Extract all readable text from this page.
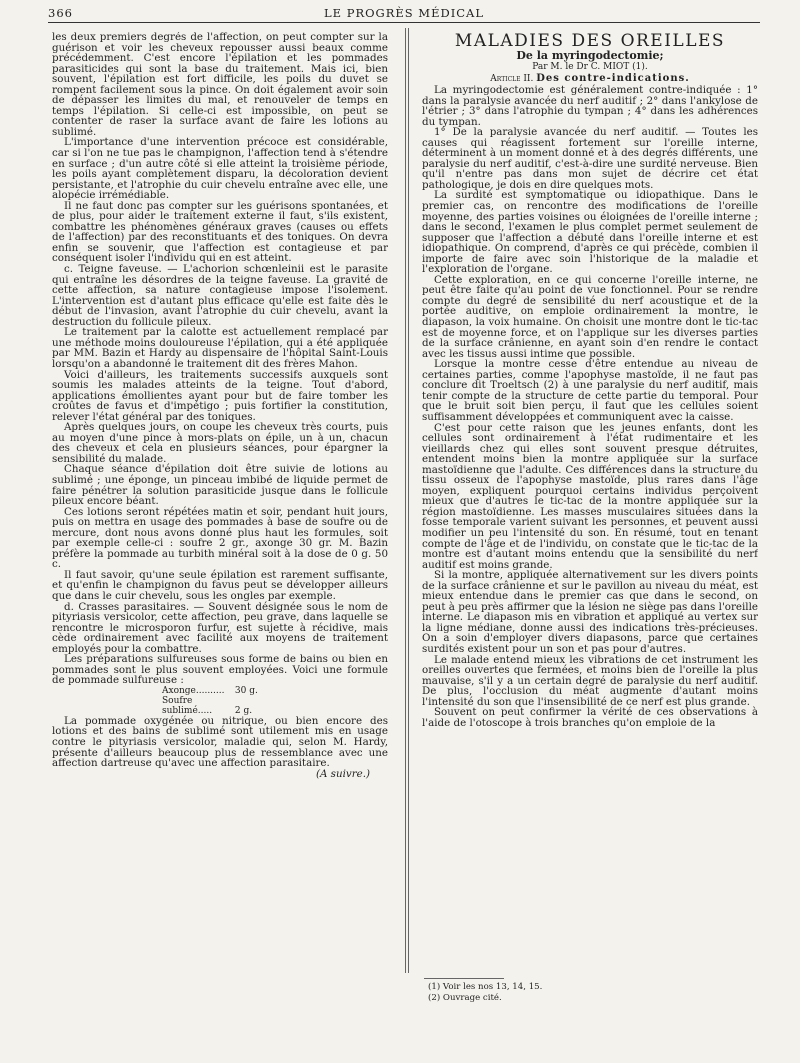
366	LE PROGRÈS MÉDICAL

les deux premiers degrés de l'affection, on peut compter sur la guérison et voir les cheveux repousser aussi beaux comme précédemment. C'est encore l'épilation et les pommades parasiticides qui sont la base du traitement. Mais ici, bien souvent, l'épilation est fort difficile, les poils du duvet se rompent facilement sous la pince. On doit également avoir soin de dépasser les limites du mal, et renouveler de temps en temps l'épilation. Si celle-ci est impossible, on peut se contenter de raser la surface avant de faire les lotions au sublimé.

L'importance d'une intervention précoce est considérable, car si l'on ne tue pas le champignon, l'affection tend à s'étendre en surface ; d'un autre côté si elle atteint la troisième période, les poils ayant complètement disparu, la décoloration devient persistante, et l'atrophie du cuir chevelu entraîne avec elle, une alopécie irrémédiable.

Il ne faut donc pas compter sur les guérisons spontanées, et de plus, pour aider le traitement externe il faut, s'ils existent, combattre les phénomènes généraux graves (causes ou effets de l'affection) par des reconstituants et des toniques. On devra enfin se souvenir, que l'affection est contagieuse et par conséquent isoler l'individu qui en est atteint.

c. Teigne faveuse. — L'achorion schœnleinii est le parasite qui entraîne les désordres de la teigne faveuse. La gravité de cette affection, sa nature contagieuse impose l'isolement. L'intervention est d'autant plus efficace qu'elle est faite dès le début de l'invasion, avant l'atrophie du cuir chevelu, avant la destruction du follicule pileux.

Le traitement par la calotte est actuellement remplacé par une méthode moins douloureuse l'épilation, qui a été appliquée par MM. Bazin et Hardy au dispensaire de l'hôpital Saint-Louis lorsqu'on a abandonné le traitement dit des frères Mahon.

Voici d'ailleurs, les traitements successifs auxquels sont soumis les malades atteints de la teigne. Tout d'abord, applications émollientes ayant pour but de faire tomber les croûtes de favus et d'impétigo ; puis fortifier la constitution, relever l'état général par des toniques.

Après quelques jours, on coupe les cheveux très courts, puis au moyen d'une pince à mors-plats on épile, un à un, chacun des cheveux et cela en plusieurs séances, pour épargner la sensibilité du malade.

Chaque séance d'épilation doit être suivie de lotions au sublimé ; une éponge, un pinceau imbibé de liquide permet de faire pénétrer la solution parasiticide jusque dans le follicule pileux encore béant.

Ces lotions seront répétées matin et soir, pendant huit jours, puis on mettra en usage des pommades à base de soufre ou de mercure, dont nous avons donné plus haut les formules, soit par exemple celle-ci : soufre 2 gr., axonge 30 gr. M. Bazin préfère la pommade au turbith minéral soit à la dose de 0 g. 50 c.

Il faut savoir, qu'une seule épilation est rarement suffisante, et qu'enfin le champignon du favus peut se développer ailleurs que dans le cuir chevelu, sous les ongles par exemple.

d. Crasses parasitaires. — Souvent désignée sous le nom de pityriasis versicolor, cette affection, peu grave, dans laquelle se rencontre le microsporon furfur, est sujette à récidive, mais cède ordinairement avec facilité aux moyens de traitement employés pour la combattre.

Les préparations sulfureuses sous forme de bains ou bien en pommades sont le plus souvent employées. Voici une formule de pommade sulfureuse :

Axonge.......... 30 g.

Soufre sublimé.....	2 g.

La pommade oxygénée ou nitrique, ou bien encore des lotions et des bains de sublimé sont utilement mis en usage contre le pityriasis versicolor, maladie qui, selon M. Hardy, présente d'ailleurs beaucoup plus de ressemblance avec une affection dartreuse qu'avec une affection parasitaire.

(A suivre.)

MALADIES DES OREILLES

De la myringodectomie;

Par M. le Dr C. MIOT (1).

Article II. Des contre-indications.

La myringodectomie est généralement contre-indiquée : 1° dans la paralysie avancée du nerf auditif ; 2° dans l'ankylose de l'étrier ; 3° dans l'atrophie du tympan ; 4° dans les adhérences du tympan.

1° De la paralysie avancée du nerf auditif. — Toutes les causes qui réagissent fortement sur l'oreille interne, déterminent à un moment donné et à des degrés différents, une paralysie du nerf auditif, c'est-à-dire une surdité nerveuse. Bien qu'il n'entre pas dans mon sujet de décrire cet état pathologique, je dois en dire quelques mots.

La surdité est symptomatique ou idiopathique. Dans le premier cas, on rencontre des modifications de l'oreille moyenne, des parties voisines ou éloignées de l'oreille interne ; dans le second, l'examen le plus complet permet seulement de supposer que l'affection a débuté dans l'oreille interne et est idiopathique. On comprend, d'après ce qui précède, combien il importe de faire avec soin l'historique de la maladie et l'exploration de l'organe.

Cette exploration, en ce qui concerne l'oreille interne, ne peut être faite qu'au point de vue fonctionnel. Pour se rendre compte du degré de sensibilité du nerf acoustique et de la portée auditive, on emploie ordinairement la montre, le diapason, la voix humaine. On choisit une montre dont le tic-tac est de moyenne force, et on l'applique sur les diverses parties de la surface crânienne, en ayant soin d'en rendre le contact avec les tissus aussi intime que possible.

Lorsque la montre cesse d'être entendue au niveau de certaines parties, comme l'apophyse mastoïde, il ne faut pas conclure dit Troeltsch (2) à une paralysie du nerf auditif, mais tenir compte de la structure de cette partie du temporal. Pour que le bruit soit bien perçu, il faut que les cellules soient suffisamment développées et communiquent avec la caisse.

C'est pour cette raison que les jeunes enfants, dont les cellules sont ordinairement à l'état rudimentaire et les vieillards chez qui elles sont souvent presque détruites, entendent moins bien la montre appliquée sur la surface mastoïdienne que l'adulte. Ces différences dans la structure du tissu osseux de l'apophyse mastoïde, plus rares dans l'âge moyen, expliquent pourquoi certains individus perçoivent mieux que d'autres le tic-tac de la montre appliquée sur la région mastoïdienne. Les masses musculaires situées dans la fosse temporale varient suivant les personnes, et peuvent aussi modifier un peu l'intensité du son. En résumé, tout en tenant compte de l'âge et de l'individu, on constate que le tic-tac de la montre est d'autant moins entendu que la sensibilité du nerf auditif est moins grande.

Si la montre, appliquée alternativement sur les divers points de la surface crânienne et sur le pavillon au niveau du méat, est mieux entendue dans le premier cas que dans le second, on peut à peu près affirmer que la lésion ne siège pas dans l'oreille interne. Le diapason mis en vibration et appliqué au vertex sur la ligne médiane, donne aussi des indications très-précieuses. On a soin d'employer divers diapasons, parce que certaines surdités existent pour un son et pas pour d'autres.

Le malade entend mieux les vibrations de cet instrument les oreilles ouvertes que fermées, et moins bien de l'oreille la plus mauvaise, s'il y a un certain degré de paralysie du nerf auditif. De plus, l'occlusion du méat augmente d'autant moins l'intensité du son que l'insensibilité de ce nerf est plus grande.

Souvent on peut confirmer la vérité de ces observations à l'aide de l'otoscope à trois branches qu'on emploie de la

(1) Voir les nos 13, 14, 15.
(2) Ouvrage cité.
